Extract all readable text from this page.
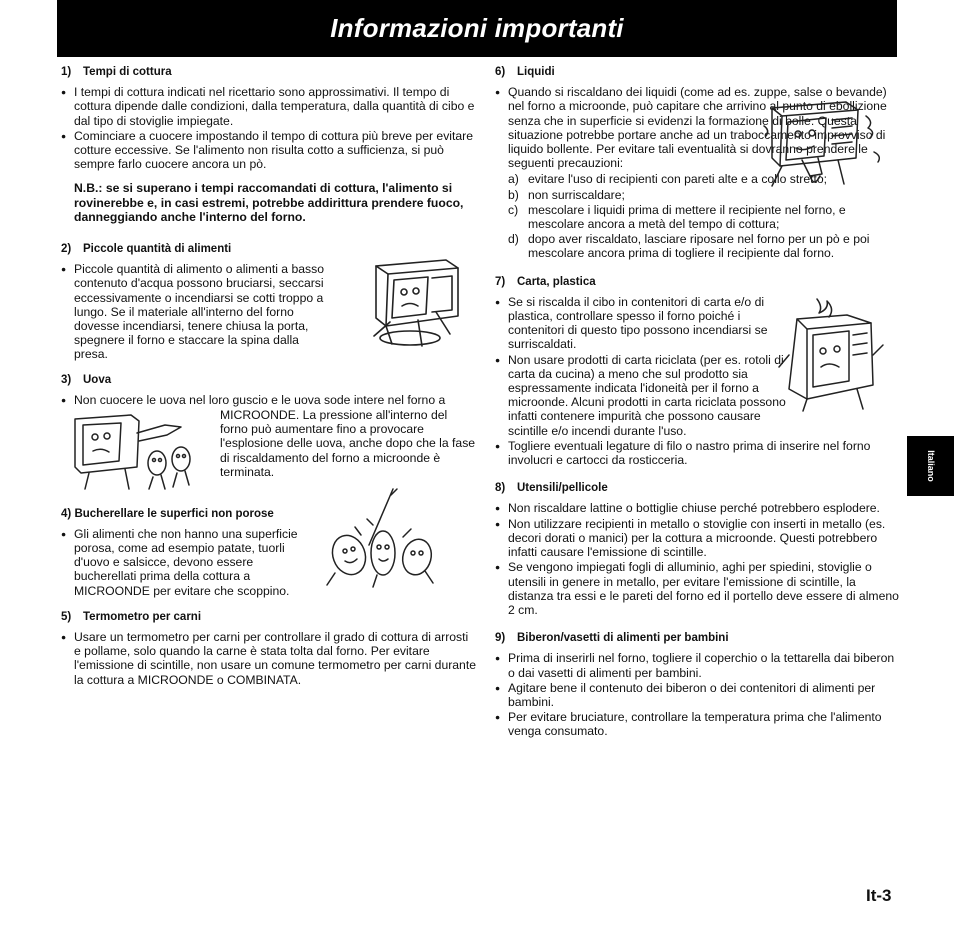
Informazioni importanti
1) Tempi di cottura
● I tempi di cottura indicati nel ricettario sono approssimativi. Il tempo di cottura dipende dalle condizioni, dalla temperatura, dalla quantità di cibo e dal tipo di stoviglie impiegate.
● Cominciare a cuocere impostando il tempo di cottura più breve per evitare cotture eccessive. Se l'alimento non risulta cotto a sufficienza, si può sempre farlo cuocere ancora un pò.
N.B.: se si superano i tempi raccomandati di cottura, l'alimento si rovinerebbe e, in casi estremi, potrebbe addirittura prendere fuoco, danneggiando anche l'interno del forno.
2) Piccole quantità di alimenti
● Piccole quantità di alimento o alimenti a basso contenuto d'acqua possono bruciarsi, seccarsi eccessivamente o incendiarsi se cotti troppo a lungo. Se il materiale all'interno del forno dovesse incendiarsi, tenere chiusa la porta, spegnere il forno e staccare la spina dalla presa.
3) Uova
● Non cuocere le uova nel loro guscio e le uova sode intere nel forno a
MICROONDE. La pressione all'interno del forno può aumentare fino a provocare l'esplosione delle uova, anche dopo che la fase di riscaldamento del forno a microonde è terminata.
4) Bucherellare le superfici non porose
● Gli alimenti che non hanno una superficie porosa, come ad esempio patate, tuorli d'uovo e salsicce, devono essere bucherellati prima della cottura a MICROONDE per evitare che scoppino.
5) Termometro per carni
● Usare un termometro per carni per controllare il grado di cottura di arrosti e pollame, solo quando la carne è stata tolta dal forno. Per evitare l'emissione di scintille, non usare un comune termometro per carni durante la cottura a MICROONDE o COMBINATA.
6) Liquidi
● Quando si riscaldano dei liquidi (come ad es. zuppe, salse o bevande) nel forno a microonde, può capitare che arrivino al punto di ebollizione senza che in superficie si evidenzi la formazione di bolle. Questa situazione potrebbe portare anche ad un traboccamento improvviso di liquido bollente. Per evitare tali eventualità si dovranno prendere le seguenti precauzioni:
a) evitare l'uso di recipienti con pareti alte e a collo stretto;
b) non surriscaldare;
c) mescolare i liquidi prima di mettere il recipiente nel forno, e mescolare ancora a metà del tempo di cottura;
d) dopo aver riscaldato, lasciare riposare nel forno per un pò e poi mescolare ancora prima di togliere il recipiente dal forno.
7) Carta, plastica
● Se si riscalda il cibo in contenitori di carta e/o di plastica, controllare spesso il forno poiché i contenitori di questo tipo possono incendiarsi se surriscaldati.
● Non usare prodotti di carta riciclata (per es. rotoli di carta da cucina) a meno che sul prodotto sia espressamente indicata l'idoneità per il forno a microonde. Alcuni prodotti in carta riciclata possono infatti contenere impurità che possono causare scintille e/o incendi durante l'uso.
● Togliere eventuali legature di filo o nastro prima di inserire nel forno involucri e cartocci da rosticceria.
8) Utensili/pellicole
● Non riscaldare lattine o bottiglie chiuse perché potrebbero esplodere.
● Non utilizzare recipienti in metallo o stoviglie con inserti in metallo (es. decori dorati o manici) per la cottura a microonde. Questi potrebbero infatti causare l'emissione di scintille.
● Se vengono impiegati fogli di alluminio, aghi per spiedini, stoviglie o utensili in genere in metallo, per evitare l'emissione di scintille, la distanza tra essi e le pareti del forno ed il portello deve essere di almeno 2 cm.
9) Biberon/vasetti di alimenti per bambini
● Prima di inserirli nel forno, togliere il coperchio o la tettarella dai biberon o dai vasetti di alimenti per bambini.
● Agitare bene il contenuto dei biberon o dei contenitori di alimenti per bambini.
● Per evitare bruciature, controllare la temperatura prima che l'alimento venga consumato.
Italiano
It-3
